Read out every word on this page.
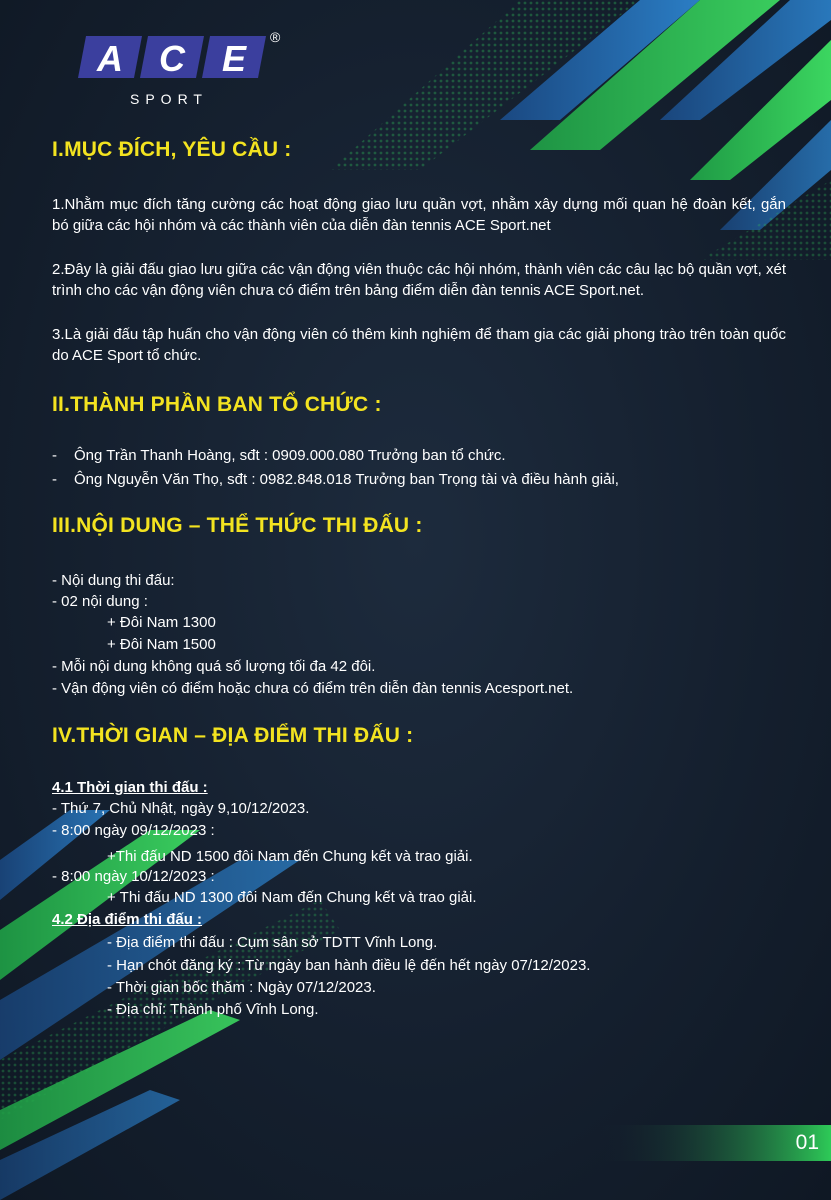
A C E
®
SPORT
I.MỤC ĐÍCH, YÊU CẦU :

1.Nhằm mục đích tăng cường các hoạt động giao lưu quần vợt, nhằm xây dựng mối quan hệ đoàn kết, gắn bó giữa các hội nhóm và các thành viên của diễn đàn tennis ACE Sport.net

2.Đây là giải đấu giao lưu giữa các vận động viên thuộc các hội nhóm, thành viên các câu lạc bộ quần vợt, xét trình cho các vận động viên chưa có điểm trên bảng điểm diễn đàn tennis ACE Sport.net.

3.Là giải đấu tập huấn cho vận động viên có thêm kinh nghiệm để tham gia các giải phong trào trên toàn quốc do ACE Sport tổ chức.

II.THÀNH PHẦN BAN TỔ CHỨC :
- Ông Trần Thanh Hoàng, sđt : 0909.000.080 Trưởng ban tổ chức.
- Ông Nguyễn Văn Thọ, sđt : 0982.848.018 Trưởng ban Trọng tài và điều hành giải,
III.NỘI DUNG – THỂ THỨC THI ĐẤU :

- Nội dung thi đấu:

- 02 nội dung :

+ Đôi Nam 1300

+ Đôi Nam 1500

- Mỗi nội dung không quá số lượng tối đa 42 đôi.

- Vận động viên có điểm hoặc chưa có điểm trên diễn đàn tennis Acesport.net.

IV.THỜI GIAN – ĐỊA ĐIỂM THI ĐẤU :

4.1 Thời gian thi đấu :

- Thứ 7, Chủ Nhật, ngày 9,10/12/2023.

- 8:00 ngày 09/12/2023 :

+Thi đấu ND 1500 đôi Nam đến Chung kết và trao giải.

- 8:00 ngày 10/12/2023 :

+ Thi đấu ND 1300 đôi Nam đến Chung kết và trao giải.

4.2 Địa điểm thi đấu :

- Địa điểm thi đấu : Cụm sân sở TDTT Vĩnh Long.

- Hạn chót đăng ký : Từ ngày ban hành điều lệ đến hết ngày 07/12/2023.

- Thời gian bốc thăm : Ngày 07/12/2023.

- Địa chỉ: Thành phố Vĩnh Long.

01
